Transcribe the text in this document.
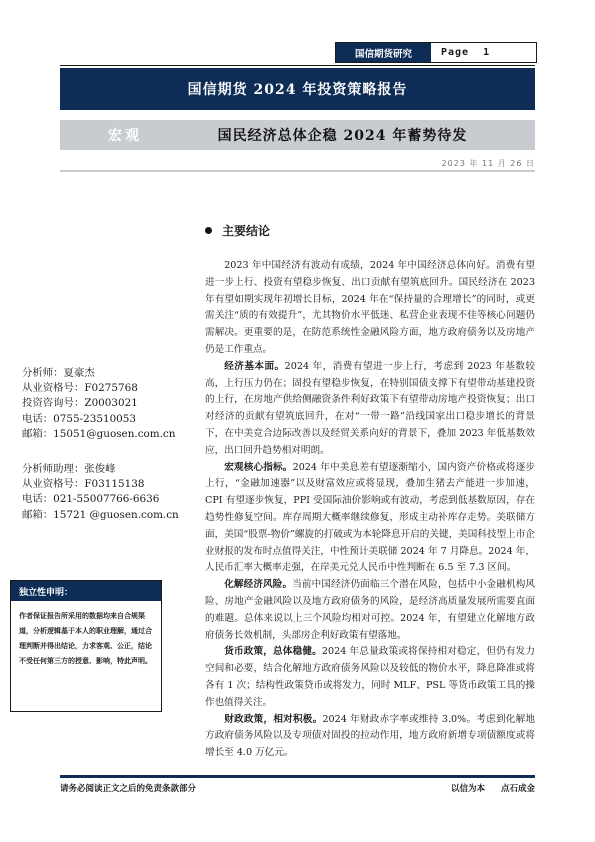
国信期货研究	Page 1
国信期货 2024 年投资策略报告
宏观	国民经济总体企稳 2024 年蓄势待发
2023 年 11 月 26 日
主要结论

2023 年中国经济有波动有成绩，2024 年中国经济总体向好。消费有望进一步上行、投资有望稳步恢复、出口贡献有望筑底回升。国民经济在 2023 年有望如期实现年初增长目标，2024 年在“保持量的合理增长”的同时，或更需关注“质的有效提升”，尤其物价水平低迷、私营企业表现不佳等核心问题仍需解决。更重要的是，在防范系统性金融风险方面，地方政府债务以及房地产仍是工作重点。

经济基本面。2024 年，消费有望进一步上行，考虑到 2023 年基数较高，上行压力仍在；固投有望稳步恢复，在特别国债支撑下有望带动基建投资的上行，在房地产供给侧融资条件利好政策下有望带动房地产投资恢复；出口对经济的贡献有望筑底回升，在对“一带一路”沿线国家出口稳步增长的背景下，在中美竞合边际改善以及经贸关系向好的背景下，叠加 2023 年低基数效应，出口回升趋势相对明朗。

宏观核心指标。2024 年中美息差有望逐渐缩小，国内资产价格或将逐步上行，“金融加速器”以及财富效应或将显现，叠加生猪去产能进一步加速，CPI 有望逐步恢复，PPI 受国际油价影响或有波动，考虑到低基数原因，存在趋势性修复空间。库存周期大概率继续修复，形成主动补库存走势。美联储方面，美国“股票-物价”螺旋的打破或为本轮降息开启的关键，美国科技型上市企业财报的发布时点值得关注，中性预计美联储 2024 年 7 月降息。2024 年，人民币汇率大概率走强，在岸美元兑人民币中性判断在 6.5 至 7.3 区间。

化解经济风险。当前中国经济仍面临三个潜在风险，包括中小金融机构风险、房地产金融风险以及地方政府债务的风险，是经济高质量发展所需要直面的难题。总体来说以上三个风险均相对可控。2024 年，有望建立化解地方政府债务长效机制，头部房企利好政策有望落地。

货币政策，总体稳健。2024 年总量政策或将保持相对稳定，但仍有发力空间和必要，结合化解地方政府债务风险以及较低的物价水平，降息降准或将各有 1 次；结构性政策贷币或将发力，同时 MLF、PSL 等货币政策工具的操作也值得关注。

财政政策，相对积极。2024 年财政赤字率或维持 3.0%。考虑到化解地方政府债务风险以及专项债对固投的拉动作用，地方政府新增专项债额度或将增长至 4.0 万亿元。

分析师：夏豪杰
从业资格号：F0275768
投资咨询号：Z0003021
电话：0755-23510053
邮箱：15051@guosen.com.cn
分析师助理：张俊峰
从业资格号：F03115138
电话：021-55007766-6636
邮箱：15721 @guosen.com.cn
独立性申明：
作者保证报告所采用的数据均来自合规渠道，分析逻辑基于本人的职业理解，通过合理判断并得出结论，力求客观、公正，结论不受任何第三方的授意、影响，特此声明。
请务必阅读正文之后的免责条款部分	以信为本 点石成金
